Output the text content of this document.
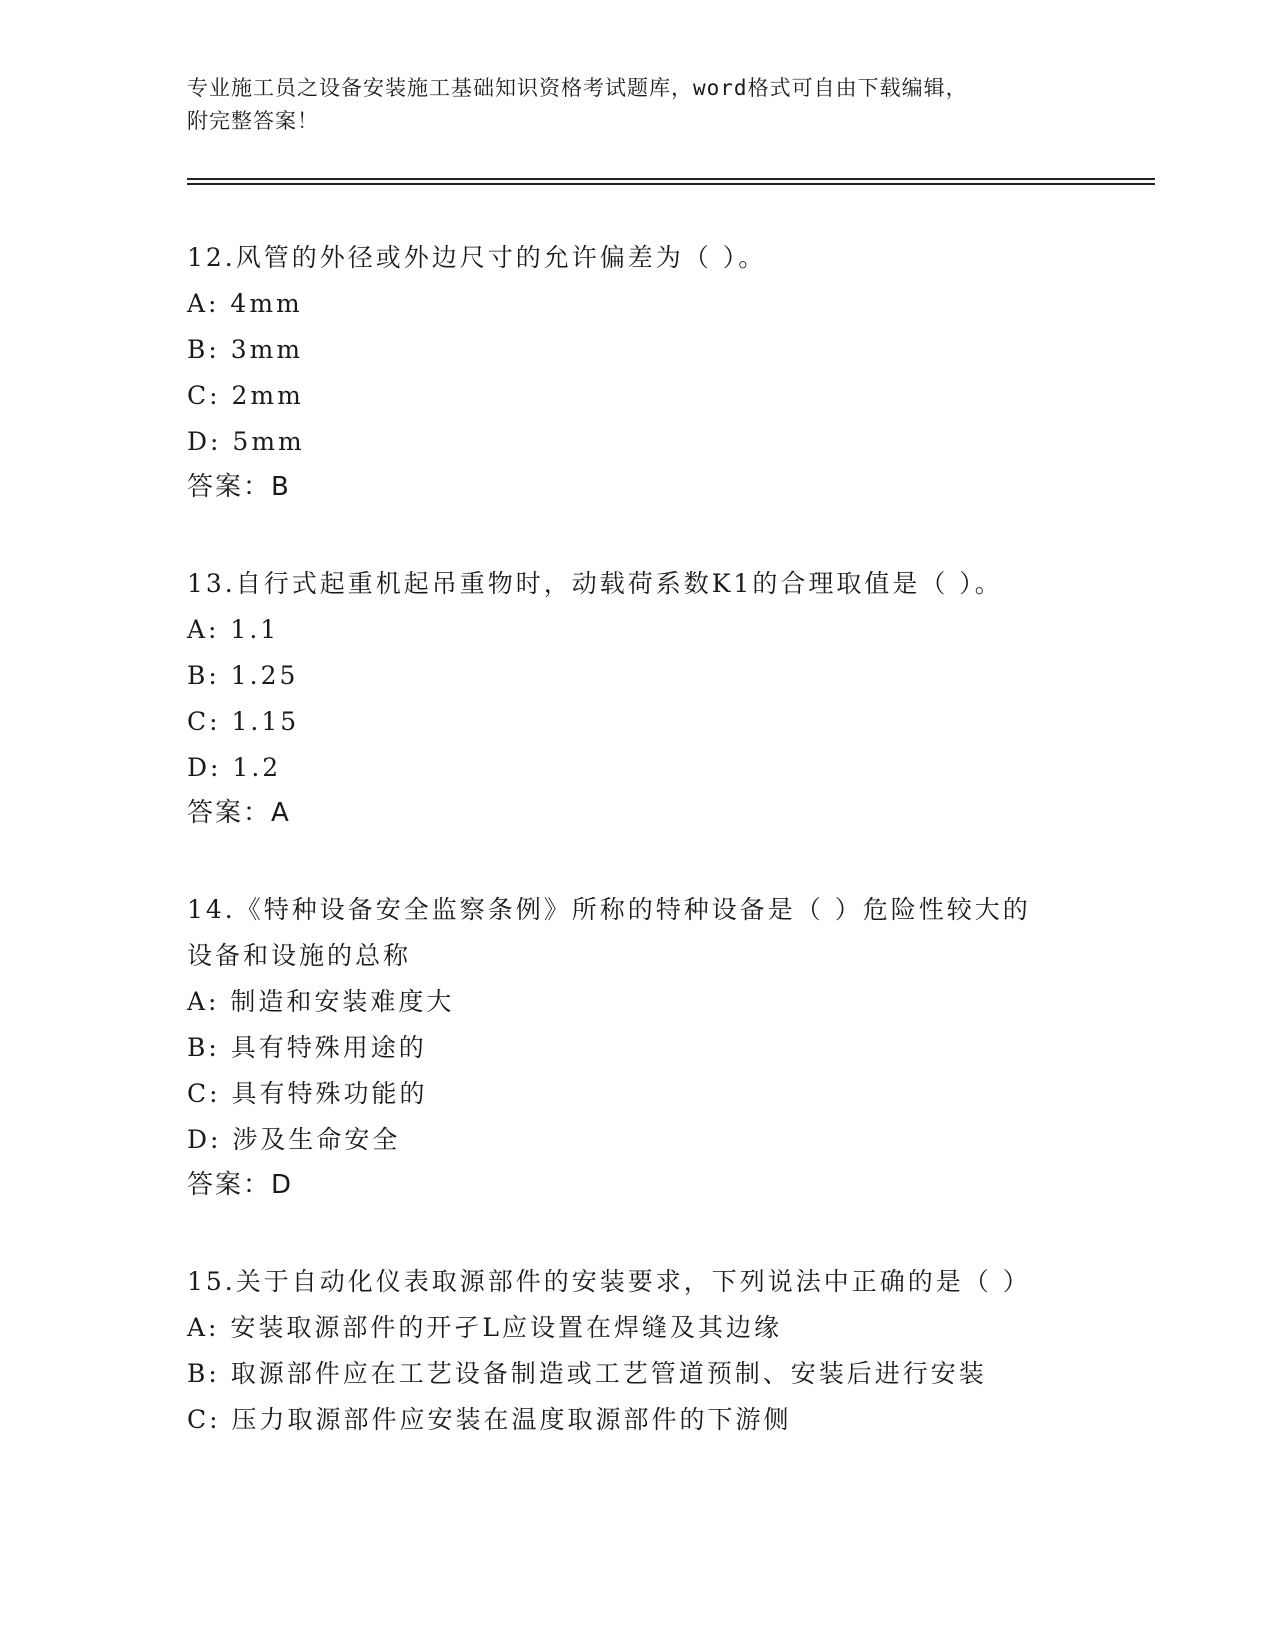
专业施工员之设备安装施工基础知识资格考试题库，word格式可自由下载编辑，
附完整答案！
12.风管的外径或外边尺寸的允许偏差为（ ）。
A: 4mm
B: 3mm
C: 2mm
D: 5mm
答案：B
13.自行式起重机起吊重物时，动载荷系数K1的合理取值是（ ）。
A: 1.1
B: 1.25
C: 1.15
D: 1.2
答案：A
14.《特种设备安全监察条例》所称的特种设备是（ ）危险性较大的
设备和设施的总称
A: 制造和安装难度大
B: 具有特殊用途的
C: 具有特殊功能的
D: 涉及生命安全
答案：D
15.关于自动化仪表取源部件的安装要求，下列说法中正确的是（ ）
A: 安装取源部件的开孑L应设置在焊缝及其边缘
B: 取源部件应在工艺设备制造或工艺管道预制、安装后进行安装
C: 压力取源部件应安装在温度取源部件的下游侧
